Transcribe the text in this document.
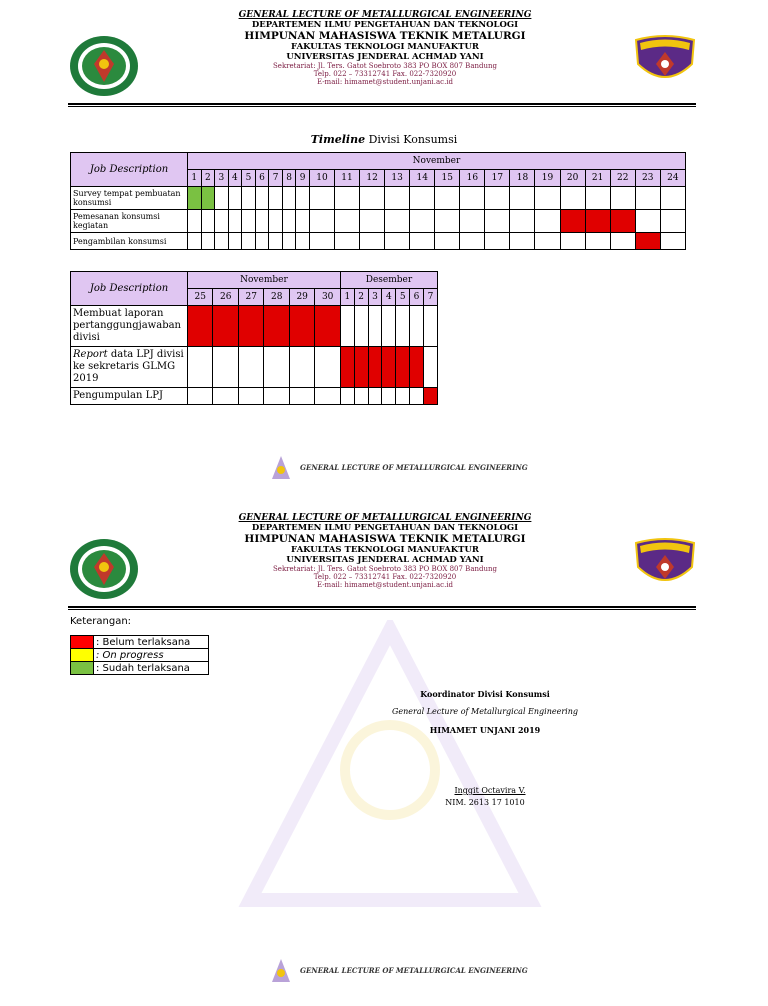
GENERAL LECTURE OF METALLURGICAL ENGINEERING
DEPARTEMEN ILMU PENGETAHUAN DAN TEKNOLOGI
HIMPUNAN MAHASISWA TEKNIK METALURGI
FAKULTAS TEKNOLOGI MANUFAKTUR
UNIVERSITAS JENDERAL ACHMAD YANI
Sekretariat: Jl. Ters. Gatot Soebroto 383 PO BOX 807 Bandung
Telp. 022 – 73312741 Fax. 022-7320920
E-mail: himamet@student.unjani.ac.id
Timeline Divisi Konsumsi
Job Description	November																							
	1	2	3	4	5	6	7	8	9	10	11	12	13	14	15	16	17	18	19	20	21	22	23	24
Survey tempat pembuatan konsumsi																								
Pemesanan konsumsi kegiatan																								
Pengambilan konsumsi																								
Job Description	November						Desember						
	25	26	27	28	29	30	1	2	3	4	5	6	7
Membuat laporan pertanggungjawaban divisi													
Report data LPJ divisi ke sekretaris GLMG 2019													
Pengumpulan LPJ													
GENERAL LECTURE OF METALLURGICAL ENGINEERING
GENERAL LECTURE OF METALLURGICAL ENGINEERING
DEPARTEMEN ILMU PENGETAHUAN DAN TEKNOLOGI
HIMPUNAN MAHASISWA TEKNIK METALURGI
FAKULTAS TEKNOLOGI MANUFAKTUR
UNIVERSITAS JENDERAL ACHMAD YANI
Sekretariat: Jl. Ters. Gatot Soebroto 383 PO BOX 807 Bandung
Telp. 022 – 73312741 Fax. 022-7320920
E-mail: himamet@student.unjani.ac.id
Keterangan:
	: Belum terlaksana
	: On progress
	: Sudah terlaksana
Koordinator Divisi Konsumsi
General Lecture of Metallurgical Engineering
HIMAMET UNJANI 2019
Inggit Octavira V.
NIM. 2613 17 1010
GENERAL LECTURE OF METALLURGICAL ENGINEERING
